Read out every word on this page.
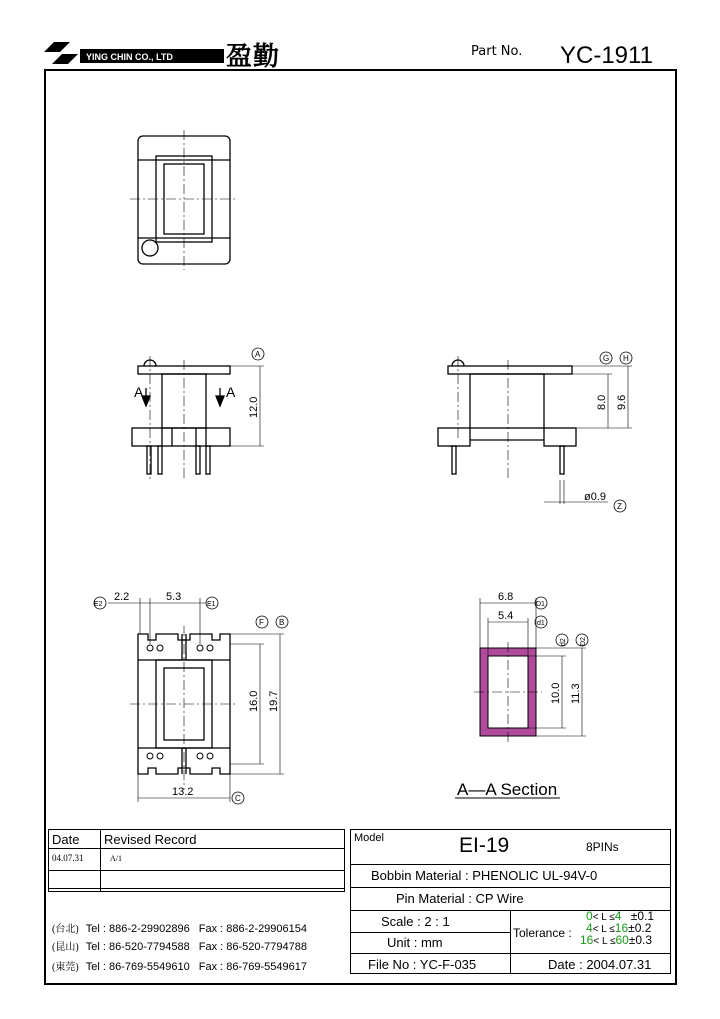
YING CHIN CO., LTD 盈勤	Part No. YC-1911
A	A
A
12.0	8.0 9.6
G H
ø0.9
Z
2.2	5.3
16.0 19.7
13.2
E2	E1
F B
C
6.8
5.4
10.0 11.3
D1
d1
d2 D2
A—A Section
Date Revised Record
04.07.31	A/1
(台北) Tel : 886-2-29902896 Fax : 886-2-29906154
(昆山) Tel : 86-520-7794588 Fax : 86-520-7794788
(東莞) Tel : 86-769-5549610 Fax : 86-769-5549617
Model	EI-19	8PINs
Bobbin Material : PHENOLIC UL-94V-0
Pin Material : CP Wire
Scale : 2 : 1
Unit : mm
File No : YC-F-035	Date : 2004.07.31
Tolerance :
0< L ≤4 ±0.1
4< L ≤16±0.2
16< L ≤60±0.3
